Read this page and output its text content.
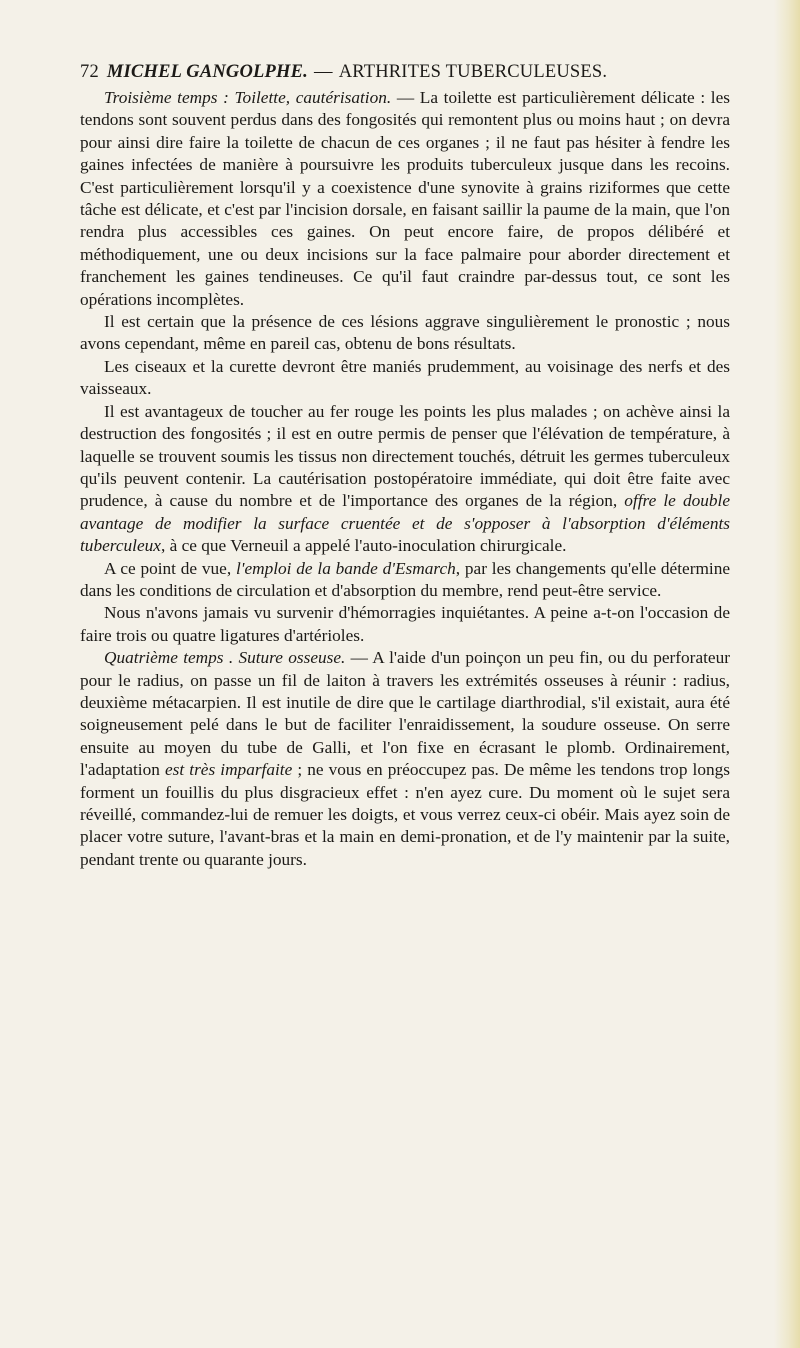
72 MICHEL GANGOLPHE. — ARTHRITES TUBERCULEUSES.

Troisième temps : Toilette, cautérisation. — La toilette est particulièrement délicate : les tendons sont souvent perdus dans des fongosités qui remontent plus ou moins haut ; on devra pour ainsi dire faire la toilette de chacun de ces organes ; il ne faut pas hésiter à fendre les gaines infectées de manière à poursuivre les produits tuberculeux jusque dans les recoins. C'est particulièrement lorsqu'il y a coexistence d'une synovite à grains riziformes que cette tâche est délicate, et c'est par l'incision dorsale, en faisant saillir la paume de la main, que l'on rendra plus accessibles ces gaines. On peut encore faire, de propos délibéré et méthodiquement, une ou deux incisions sur la face palmaire pour aborder directement et franchement les gaines tendineuses. Ce qu'il faut craindre par-dessus tout, ce sont les opérations incomplètes.

Il est certain que la présence de ces lésions aggrave singulièrement le pronostic ; nous avons cependant, même en pareil cas, obtenu de bons résultats.

Les ciseaux et la curette devront être maniés prudemment, au voisinage des nerfs et des vaisseaux.

Il est avantageux de toucher au fer rouge les points les plus malades ; on achève ainsi la destruction des fongosités ; il est en outre permis de penser que l'élévation de température, à laquelle se trouvent soumis les tissus non directement touchés, détruit les germes tuberculeux qu'ils peuvent contenir. La cautérisation postopératoire immédiate, qui doit être faite avec prudence, à cause du nombre et de l'importance des organes de la région, offre le double avantage de modifier la surface cruentée et de s'opposer à l'absorption d'éléments tuberculeux, à ce que Verneuil a appelé l'auto-inoculation chirurgicale.

A ce point de vue, l'emploi de la bande d'Esmarch, par les changements qu'elle détermine dans les conditions de circulation et d'absorption du membre, rend peut-être service.

Nous n'avons jamais vu survenir d'hémorragies inquiétantes. A peine a-t-on l'occasion de faire trois ou quatre ligatures d'artérioles.

Quatrième temps . Suture osseuse. — A l'aide d'un poinçon un peu fin, ou du perforateur pour le radius, on passe un fil de laiton à travers les extrémités osseuses à réunir : radius, deuxième métacarpien. Il est inutile de dire que le cartilage diarthrodial, s'il existait, aura été soigneusement pelé dans le but de faciliter l'enraidissement, la soudure osseuse. On serre ensuite au moyen du tube de Galli, et l'on fixe en écrasant le plomb. Ordinairement, l'adaptation est très imparfaite ; ne vous en préoccupez pas. De même les tendons trop longs forment un fouillis du plus disgracieux effet : n'en ayez cure. Du moment où le sujet sera réveillé, commandez-lui de remuer les doigts, et vous verrez ceux-ci obéir. Mais ayez soin de placer votre suture, l'avant-bras et la main en demi-pronation, et de l'y maintenir par la suite, pendant trente ou quarante jours.
